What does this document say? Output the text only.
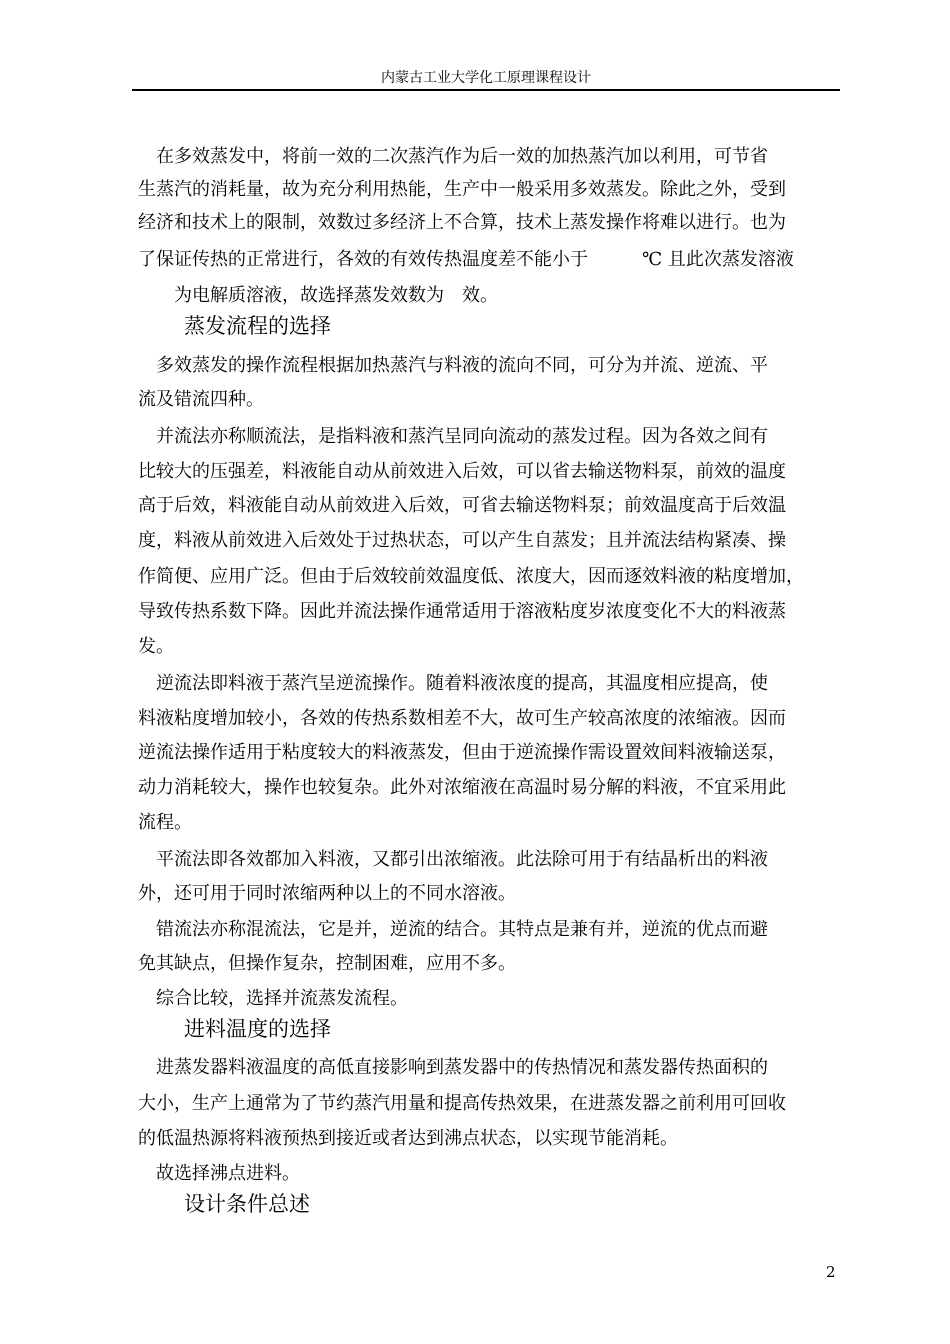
内蒙古工业大学化工原理课程设计
　在多效蒸发中，将前一效的二次蒸汽作为后一效的加热蒸汽加以利用，可节省
生蒸汽的消耗量，故为充分利用热能，生产中一般采用多效蒸发。除此之外，受到
经济和技术上的限制，效数过多经济上不合算，技术上蒸发操作将难以进行。也为
了保证传热的正常进行，各效的有效传热温度差不能小于　　　℃ 且此次蒸发溶液
　　为电解质溶液，故选择蒸发效数为　效。
蒸发流程的选择
　多效蒸发的操作流程根据加热蒸汽与料液的流向不同，可分为并流、逆流、平
流及错流四种。
　并流法亦称顺流法，是指料液和蒸汽呈同向流动的蒸发过程。因为各效之间有
比较大的压强差，料液能自动从前效进入后效，可以省去输送物料泵，前效的温度
高于后效，料液能自动从前效进入后效，可省去输送物料泵；前效温度高于后效温
度，料液从前效进入后效处于过热状态，可以产生自蒸发；且并流法结构紧凑、操
作简便、应用广泛。但由于后效较前效温度低、浓度大，因而逐效料液的粘度增加，
导致传热系数下降。因此并流法操作通常适用于溶液粘度岁浓度变化不大的料液蒸
发。
　逆流法即料液于蒸汽呈逆流操作。随着料液浓度的提高，其温度相应提高，使
料液粘度增加较小，各效的传热系数相差不大，故可生产较高浓度的浓缩液。因而
逆流法操作适用于粘度较大的料液蒸发，但由于逆流操作需设置效间料液输送泵，
动力消耗较大，操作也较复杂。此外对浓缩液在高温时易分解的料液，不宜采用此
流程。
　平流法即各效都加入料液，又都引出浓缩液。此法除可用于有结晶析出的料液
外，还可用于同时浓缩两种以上的不同水溶液。
　错流法亦称混流法，它是并，逆流的结合。其特点是兼有并，逆流的优点而避
免其缺点，但操作复杂，控制困难，应用不多。
　综合比较，选择并流蒸发流程。
进料温度的选择
　进蒸发器料液温度的高低直接影响到蒸发器中的传热情况和蒸发器传热面积的
大小，生产上通常为了节约蒸汽用量和提高传热效果，在进蒸发器之前利用可回收
的低温热源将料液预热到接近或者达到沸点状态，以实现节能消耗。
　故选择沸点进料。
设计条件总述
2
